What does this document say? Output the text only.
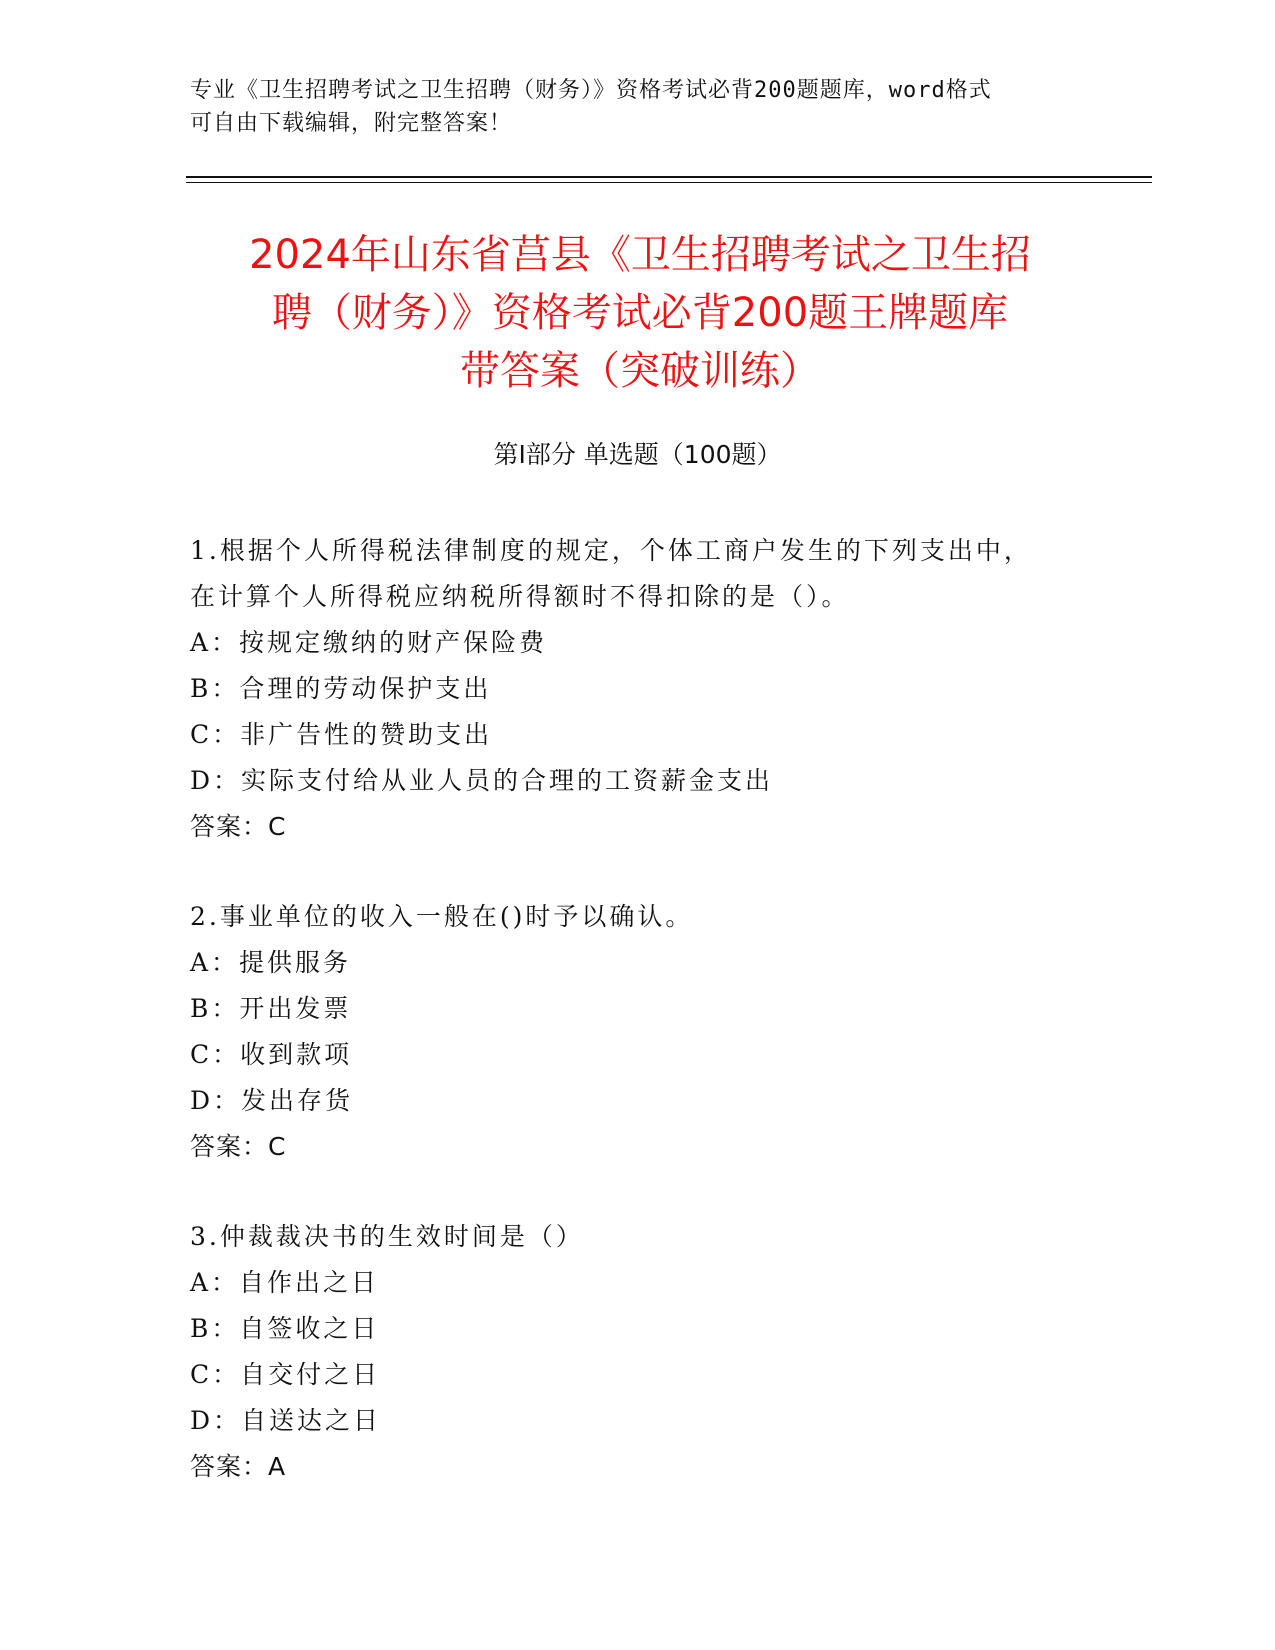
专业《卫生招聘考试之卫生招聘（财务）》资格考试必背200题题库，word格式
可自由下载编辑，附完整答案！
2024年山东省莒县《卫生招聘考试之卫生招
聘（财务）》资格考试必背200题王牌题库
带答案（突破训练）
第Ⅰ部分 单选题（100题）
1.根据个人所得税法律制度的规定，个体工商户发生的下列支出中，
在计算个人所得税应纳税所得额时不得扣除的是（）。
A：按规定缴纳的财产保险费
B：合理的劳动保护支出
C：非广告性的赞助支出
D：实际支付给从业人员的合理的工资薪金支出
答案：C
2.事业单位的收入一般在()时予以确认。
A：提供服务
B：开出发票
C：收到款项
D：发出存货
答案：C
3.仲裁裁决书的生效时间是（）
A：自作出之日
B：自签收之日
C：自交付之日
D：自送达之日
答案：A
